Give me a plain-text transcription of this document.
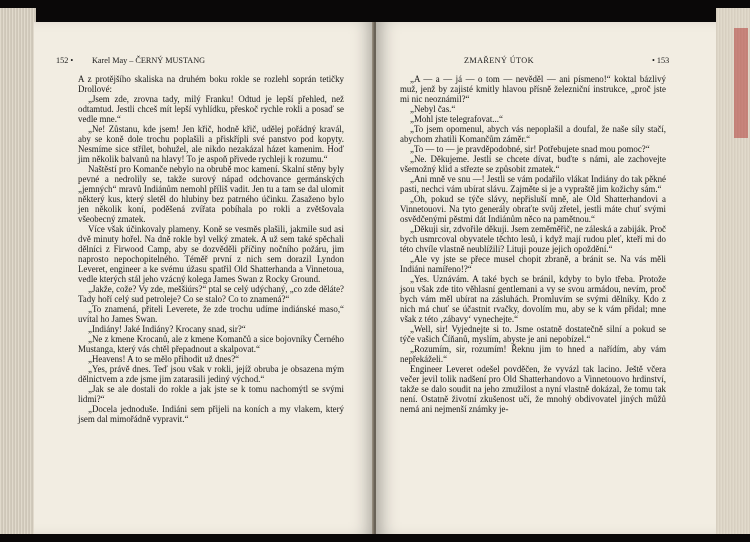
152 • Karel May – ČERNÝ MUSTANG

A z protějšího skaliska na druhém boku rokle se rozlehl soprán tetičky Drollové:

„Jsem zde, zrovna tady, milý Franku! Odtud je lepší přehled, než odtamtud. Jestli chceš mít lepší vyhlídku, přeskoč rychle rokli a posaď se vedle mne.“

„Ne! Zůstanu, kde jsem! Jen křič, hodně křič, udělej pořádný kravál, aby se koně dole trochu poplašili a přiskřípli své panstvo pod kopyty. Nesmíme sice střílet, bohužel, ale nikdo nezakázal házet kamenim. Hoď jim několik balvanů na hlavy! To je aspoň přivede rychleji k rozumu.“

Naštěstí pro Komanče nebylo na obrubě moc kamení. Skalní stěny byly pevné a nedrolily se, takže surový nápad odchovance germánských „jemných“ mravů Indiánům nemohl příliš vadit. Jen tu a tam se dal ulomit některý kus, který sletěl do hlubiny bez patrného účinku. Zasaženo bylo jen několik koní, poděšená zvířata pobíhala po rokli a zvětšovala všeobecný zmatek.

Více však účinkovaly plameny. Koně se vesměs plašili, jakmile sud asi dvě minuty hořel. Na dně rokle byl velký zmatek. A už sem také spěchali dělníci z Firwood Camp, aby se dozvěděli příčiny nočního požáru, jim naprosto nepochopitelného. Téměř první z nich sem dorazil Lyndon Leveret, engineer a ke svému úžasu spatřil Old Shatterhanda a Vinnetoua, vedle kterých stál jeho vzácný kolega James Swan z Rocky Ground.

„Jakže, cože? Vy zde, meššiúrs?“ ptal se celý udýchaný, „co zde děláte? Tady hoří celý sud petroleje? Co se stalo? Co to znamená?“

„To znamená, přiteli Leverete, že zde trochu udíme indiánské maso,“ uvítal ho James Swan.

„Indiány! Jaké Indiány? Krocany snad, sir?“

„Ne z kmene Krocanů, ale z kmene Komančů a sice bojovníky Černého Mustanga, který vás chtěl přepadnout a skalpovat.“

„Heavens! A to se mělo přihodit už dnes?“

„Yes, právě dnes. Teď jsou však v rokli, jejíž obruba je obsazena mým dělnictvem a zde jsme jim zatarasili jediný východ.“

„Jak se ale dostali do rokle a jak jste se k tomu nachomýtl se svými lidmi?“

„Docela jednoduše. Indiáni sem přijeli na koních a my vlakem, který jsem dal mimořádně vypravit.“

ZMAŘENÝ ÚTOK	• 153

„A — a — já — o tom — nevěděl — ani písmeno!“ koktal bázlivý muž, jenž by zajisté kmitly hlavou přísně železniční instrukce, „proč jste mi nic neoznámil?“

„Nebyl čas.“

„Mohl jste telegrafovat...“

„To jsem opomenul, abych vás nepoplašil a doufal, že naše síly stačí, abychom zhatili Komančům záměr.“

„To — to — je pravděpodobné, sir! Potřebujete snad mou pomoc?“

„Ne. Děkujeme. Jestli se chcete dívat, buďte s námi, ale zachovejte všemožný klid a střezte se způsobit zmatek.“

„Ani mně ve snu —! Jestli se vám podařilo vlákat Indiány do tak pěkné pasti, nechci vám ubírat slávu. Zajměte si je a vypraště jim kožichy sám.“

„Oh, pokud se týče slávy, nepřisluší mně, ale Old Shatterhandovi a Vinnetouovi. Na tyto generály obraťte svůj zřetel, jestli máte chuť svými osvědčenými pěstmi dát Indiánům něco na pamětnou.“

„Děkuji sir, zdvořile děkuji. Jsem zeměměřič, ne záleská a zabiják. Proč bych usmrcoval obyvatele těchto lesů, i když mají rudou pleť, kteří mi do této chvíle vlastně neublížili? Lituji pouze jejich opoždění.“

„Ale vy jste se přece musel chopit zbraně, a bránit se. Na vás měli Indiáni namířeno!?“

„Yes. Uznávám. A také bych se bránil, kdyby to bylo třeba. Protože jsou však zde tito věhlasní gentlemani a vy se svou armádou, nevím, proč bych vám měl ubírat na zásluhách. Promluvím se svými dělníky. Kdo z nich má chuť se účastnit rvačky, dovolím mu, aby se k vám přidal; mne však z této ‚zábavy‘ vynechejte.“

„Well, sir! Vyjednejte si to. Jsme ostatně dostatečně silní a pokud se týče vašich Číňanů, myslím, abyste je ani nepobízel.“

„Rozumím, sir, rozumím! Řeknu jim to hned a nařídím, aby vám nepřekáželi.“

Engineer Leveret odešel povděčen, že vyvázl tak lacino. Ještě včera večer jevil tolik nadšení pro Old Shatterhandovo a Vinnetouovo hrdinství, takže se dalo soudit na jeho zmužilost a nyní vlastně dokázal, že tomu tak není. Ostatně životní zkušenost učí, že mnohý obdivovatel jiných můžů nemá ani nejmenší známky je-
